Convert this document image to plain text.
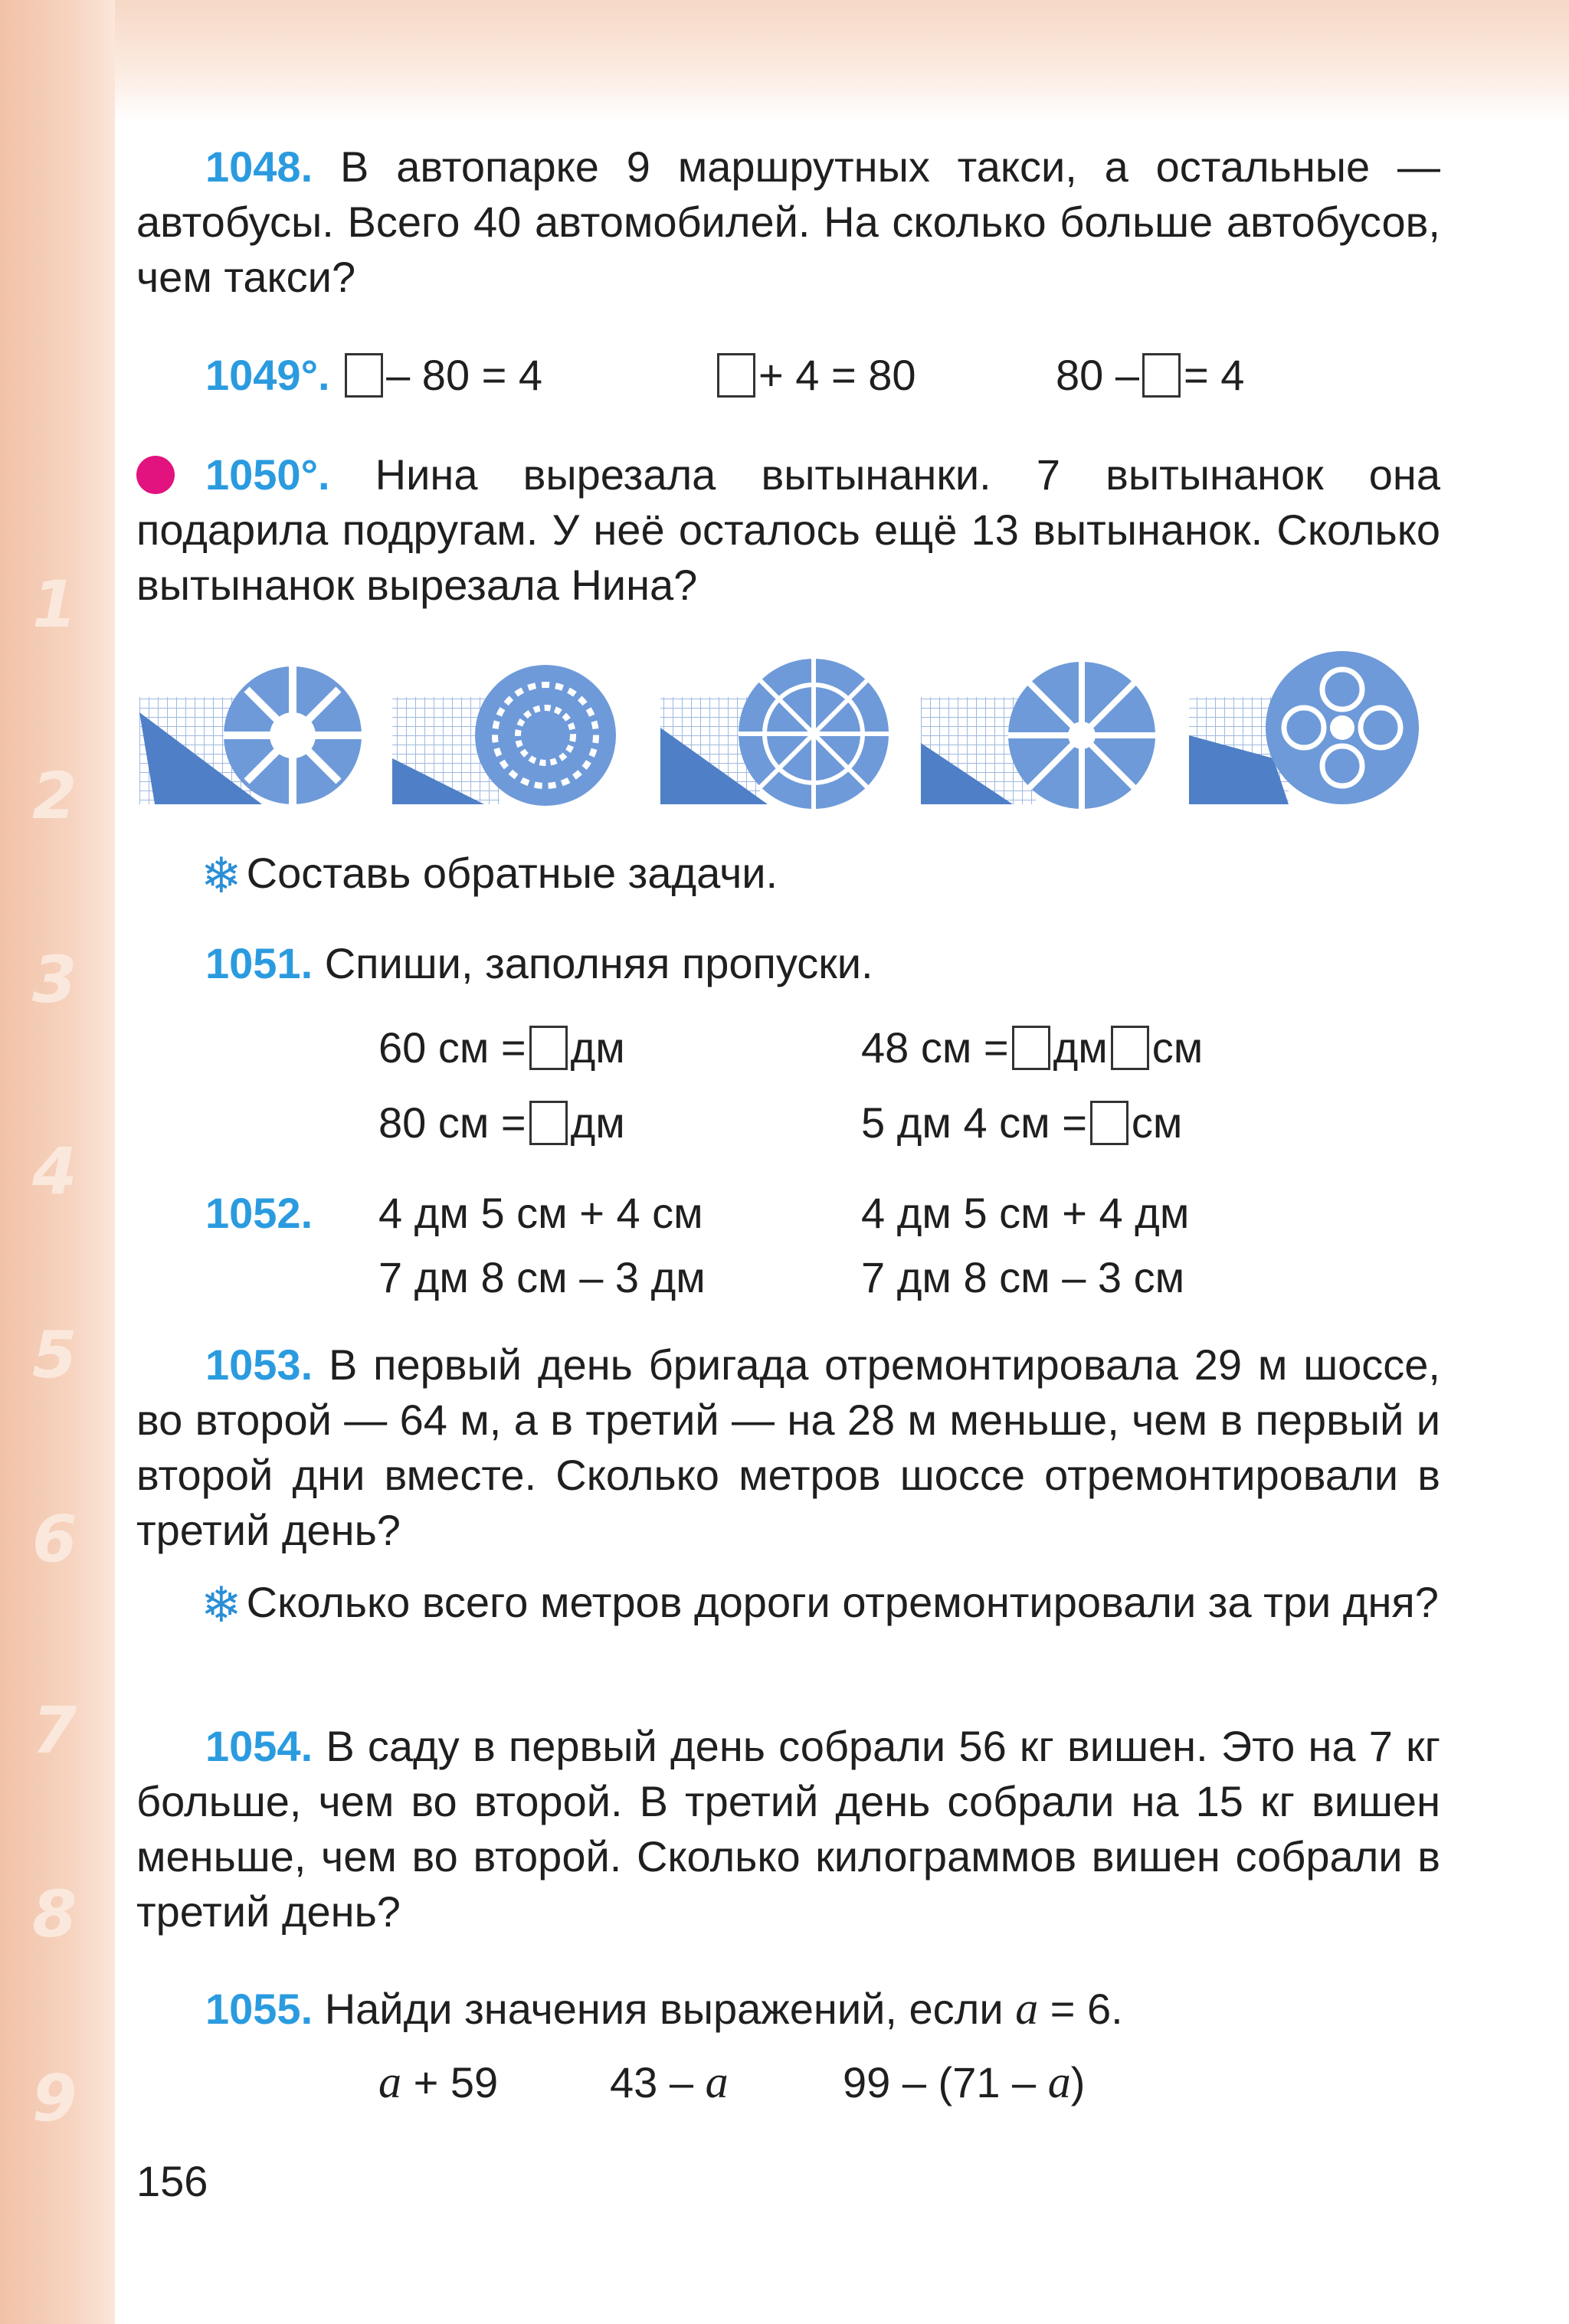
1
2
3
4
5
6
7
8
9
1048. В автопарке 9 маршрутных такси, а остальные — автобусы. Всего 40 автомобилей. На сколько больше автобусов, чем такси?
1049°. – 80 = 4	+ 4 = 80	80 – = 4
1050°. Нина вырезала вытынанки. 7 вытынанок она подарила подругам. У неё осталось ещё 13 вытынанок. Сколько вытынанок вырезала Нина?
❄ Составь обратные задачи.
1051. Спиши, заполняя пропуски.
60 см = дм	48 см = дм см
80 см = дм	5 дм 4 см = см
1052. 4 дм 5 см + 4 см	4 дм 5 см + 4 дм
7 дм 8 см – 3 дм	7 дм 8 см – 3 см
1053. В первый день бригада отремонтировала 29 м шоссе, во второй — 64 м, а в третий — на 28 м меньше, чем в первый и второй дни вместе. Сколько метров шоссе отремонтировали в третий день?
❄ Сколько всего метров дороги отремонтировали за три дня?
1054. В саду в первый день собрали 56 кг вишен. Это на 7 кг больше, чем во второй. В третий день собрали на 15 кг вишен меньше, чем во второй. Сколько килограммов вишен собрали в третий день?
1055. Найди значения выражений, если a = 6.
a + 59	43 – a	99 – (71 – a)
156
